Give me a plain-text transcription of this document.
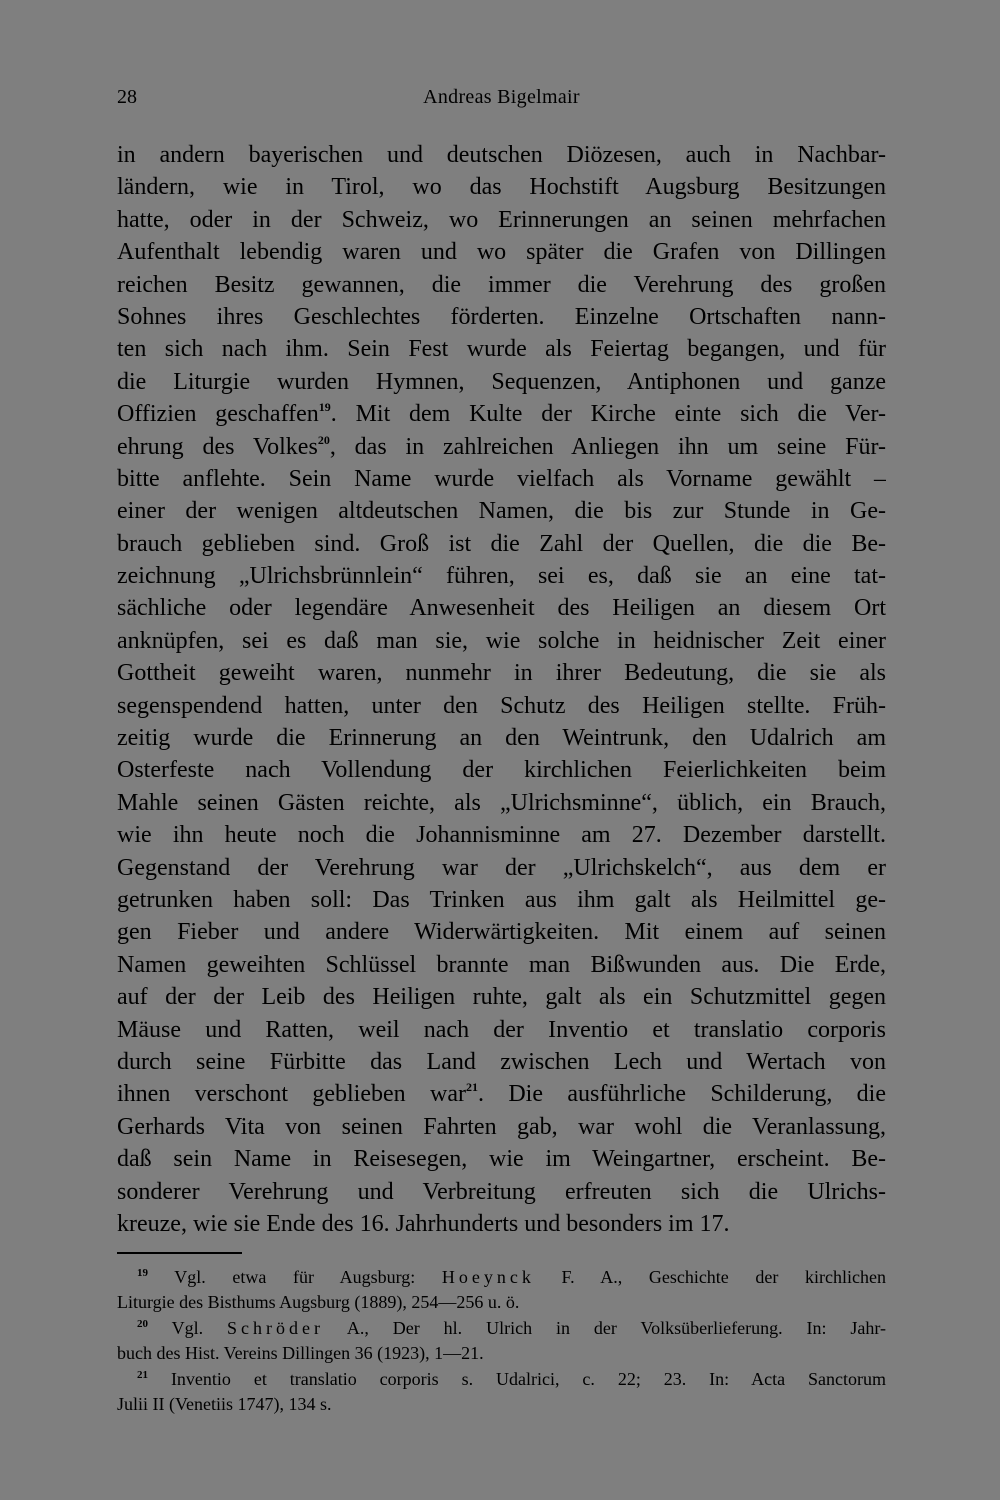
28	Andreas Bigelmair
in andern bayerischen und deutschen Diözesen, auch in Nachbar-
ländern, wie in Tirol, wo das Hochstift Augsburg Besitzungen
hatte, oder in der Schweiz, wo Erinnerungen an seinen mehrfachen
Aufenthalt lebendig waren und wo später die Grafen von Dillingen
reichen Besitz gewannen, die immer die Verehrung des großen
Sohnes ihres Geschlechtes förderten. Einzelne Ortschaften nann-
ten sich nach ihm. Sein Fest wurde als Feiertag begangen, und für
die Liturgie wurden Hymnen, Sequenzen, Antiphonen und ganze
Offizien geschaffen$^{19}$. Mit dem Kulte der Kirche einte sich die Ver-
ehrung des Volkes$^{20}$, das in zahlreichen Anliegen ihn um seine Für-
bitte anflehte. Sein Name wurde vielfach als Vorname gewählt –
einer der wenigen altdeutschen Namen, die bis zur Stunde in Ge-
brauch geblieben sind. Groß ist die Zahl der Quellen, die die Be-
zeichnung „Ulrichsbrünnlein“ führen, sei es, daß sie an eine tat-
sächliche oder legendäre Anwesenheit des Heiligen an diesem Ort
anknüpfen, sei es daß man sie, wie solche in heidnischer Zeit einer
Gottheit geweiht waren, nunmehr in ihrer Bedeutung, die sie als
segenspendend hatten, unter den Schutz des Heiligen stellte. Früh-
zeitig wurde die Erinnerung an den Weintrunk, den Udalrich am
Osterfeste nach Vollendung der kirchlichen Feierlichkeiten beim
Mahle seinen Gästen reichte, als „Ulrichsminne“, üblich, ein Brauch,
wie ihn heute noch die Johannisminne am 27. Dezember darstellt.
Gegenstand der Verehrung war der „Ulrichskelch“, aus dem er
getrunken haben soll: Das Trinken aus ihm galt als Heilmittel ge-
gen Fieber und andere Widerwärtigkeiten. Mit einem auf seinen
Namen geweihten Schlüssel brannte man Bißwunden aus. Die Erde,
auf der der Leib des Heiligen ruhte, galt als ein Schutzmittel gegen
Mäuse und Ratten, weil nach der Inventio et translatio corporis
durch seine Fürbitte das Land zwischen Lech und Wertach von
ihnen verschont geblieben war$^{21}$. Die ausführliche Schilderung, die
Gerhards Vita von seinen Fahrten gab, war wohl die Veranlassung,
daß sein Name in Reisesegen, wie im Weingartner, erscheint. Be-
sonderer Verehrung und Verbreitung erfreuten sich die Ulrichs-
kreuze, wie sie Ende des 16. Jahrhunderts und besonders im 17.
$^{19}$ Vgl. etwa für Augsburg: Hoeynck F. A., Geschichte der kirchlichen
Liturgie des Bisthums Augsburg (1889), 254—256 u. ö.
$^{20}$ Vgl. Schröder A., Der hl. Ulrich in der Volksüberlieferung. In: Jahr-
buch des Hist. Vereins Dillingen 36 (1923), 1—21.
$^{21}$ Inventio et translatio corporis s. Udalrici, c. 22; 23. In: Acta Sanctorum
Julii II (Venetiis 1747), 134 s.
